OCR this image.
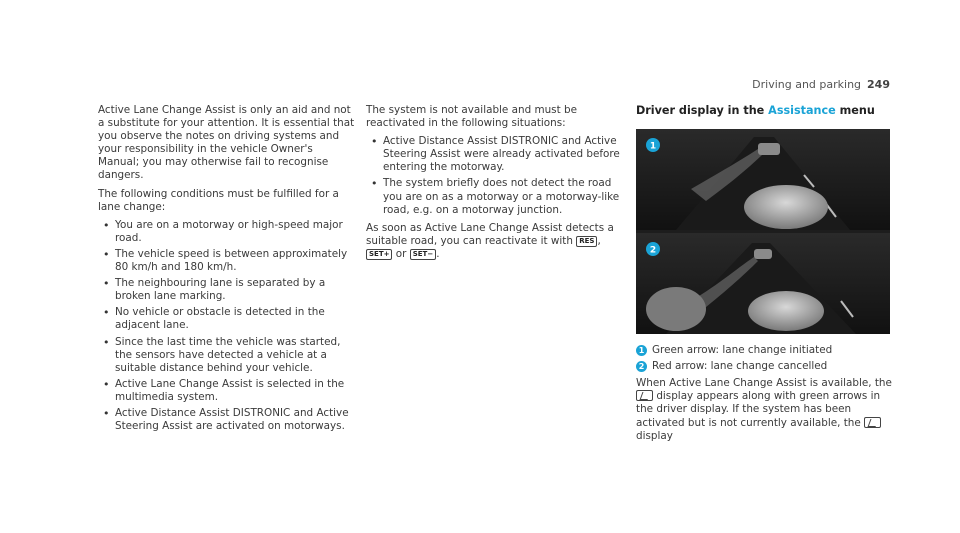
Driving and parking 249

Active Lane Change Assist is only an aid and not a substitute for your attention. It is essential that you observe the notes on driving systems and your responsibility in the vehicle Owner's Manual; you may otherwise fail to recognise dangers.

The following conditions must be fulfilled for a lane change:

• You are on a motorway or high-speed major road.
• The vehicle speed is between approximately 80 km/h and 180 km/h.
• The neighbouring lane is separated by a broken lane marking.
• No vehicle or obstacle is detected in the adjacent lane.
• Since the last time the vehicle was started, the sensors have detected a vehicle at a suitable distance behind your vehicle.
• Active Lane Change Assist is selected in the multimedia system.
• Active Distance Assist DISTRONIC and Active Steering Assist are activated on motorways.

The system is not available and must be reactivated in the following situations:

• Active Distance Assist DISTRONIC and Active Steering Assist were already activated before entering the motorway.
• The system briefly does not detect the road you are on as a motorway or a motorway-like road, e.g. on a motorway junction.

As soon as Active Lane Change Assist detects a suitable road, you can reactivate it with RES , SET+ or SET− .

Driver display in the Assistance menu
1
2
1 Green arrow: lane change initiated
2 Red arrow: lane change cancelled

When Active Lane Change Assist is available, the  display appears along with green arrows in the driver display. If the system has been activated but is not currently available, the  display
